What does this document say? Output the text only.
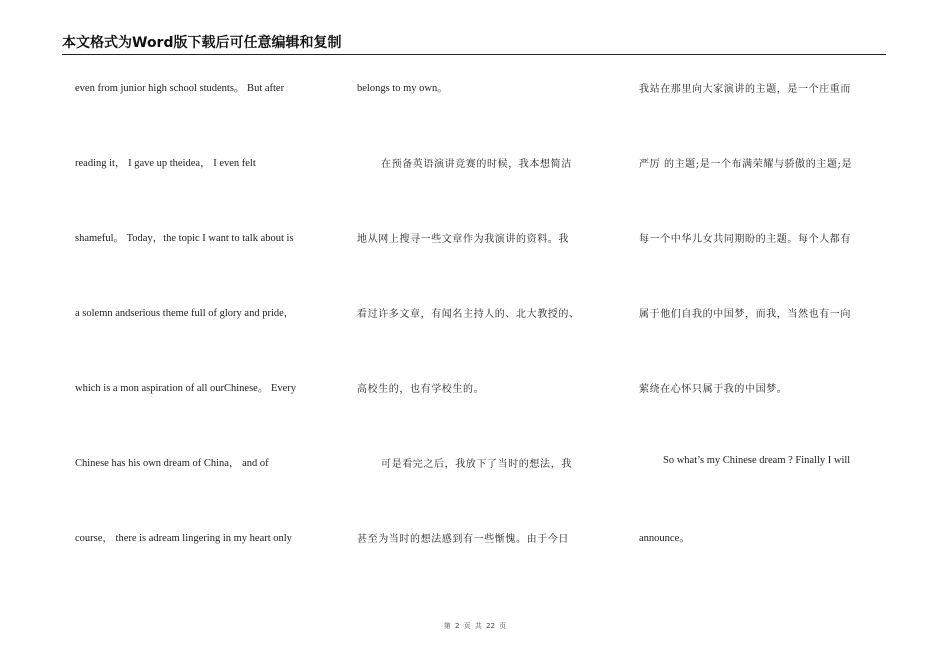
本文格式为Word版下载后可任意编辑和复制
even from junior high school students。 But after
reading it， I gave up theidea， I even felt
shameful。 Today，the topic I want to talk about is
a solemn andserious theme full of glory and pride，
which is a mon aspiration of all ourChinese。 Every
Chinese has his own dream of China， and of
course， there is adream lingering in my heart only
belongs to my own。
在预备英语演讲竞赛的时候，我本想简洁
地从网上搜寻一些文章作为我演讲的资料。我
看过许多文章，有闻名主持人的、北大教授的、
高校生的，也有学校生的。
可是看完之后，我放下了当时的想法，我
甚至为当时的想法感到有一些惭愧。由于今日
我站在那里向大家演讲的主题，是一个庄重而
严厉 的主题;是一个布满荣耀与骄傲的主题;是
每一个中华儿女共同期盼的主题。每个人都有
属于他们自我的中国梦，而我，当然也有一向
萦绕在心怀只属于我的中国梦。
So what’s my Chinese dream ? Finally I will
announce。
第 2 页 共 22 页
